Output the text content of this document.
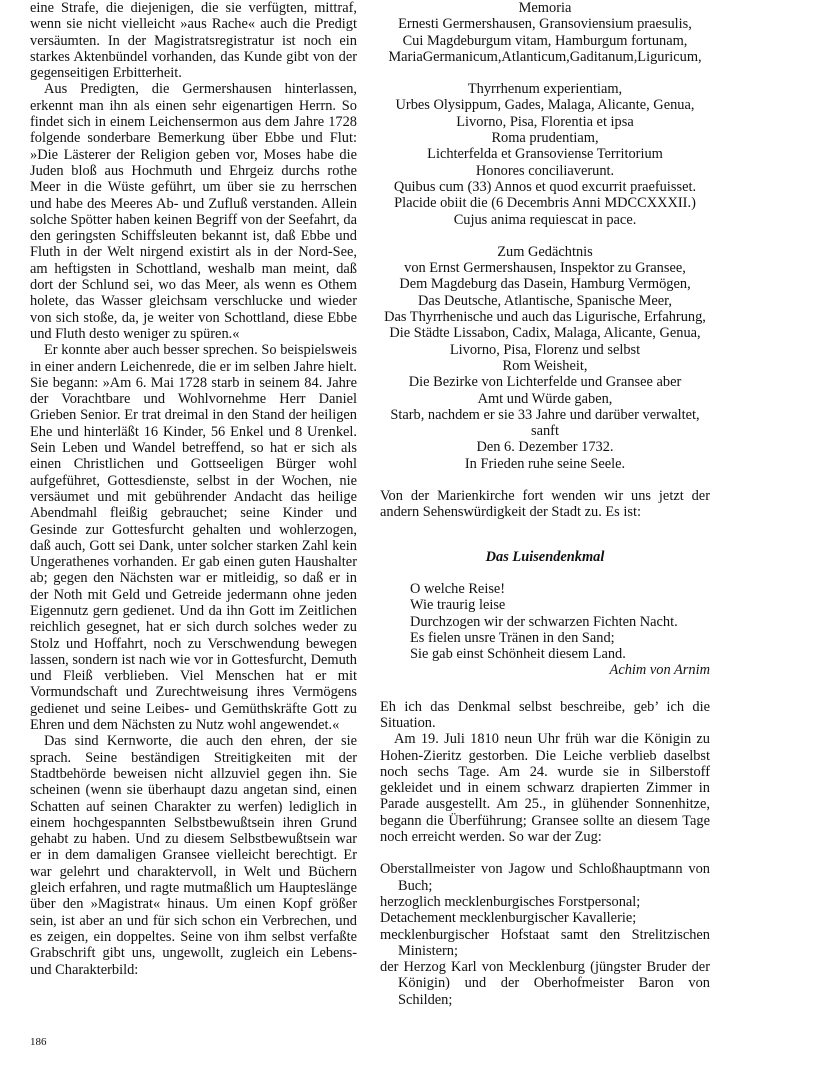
eine Strafe, die diejenigen, die sie verfügten, mittraf, wenn sie nicht vielleicht »aus Rache« auch die Predigt versäumten. In der Magistratsregistratur ist noch ein starkes Aktenbündel vorhanden, das Kunde gibt von der gegenseitigen Erbitterheit.

Aus Predigten, die Germershausen hinterlassen, erkennt man ihn als einen sehr eigenartigen Herrn. So findet sich in einem Leichensermon aus dem Jahre 1728 folgende sonderbare Bemerkung über Ebbe und Flut: »Die Lästerer der Religion geben vor, Moses habe die Juden bloß aus Hochmuth und Ehrgeiz durchs rothe Meer in die Wüste geführt, um über sie zu herrschen und habe des Meeres Ab- und Zufluß verstanden. Allein solche Spötter haben keinen Begriff von der Seefahrt, da den geringsten Schiffsleuten bekannt ist, daß Ebbe und Fluth in der Welt nirgend existirt als in der Nord-See, am heftigsten in Schottland, weshalb man meint, daß dort der Schlund sei, wo das Meer, als wenn es Othem holete, das Wasser gleichsam verschlucke und wieder von sich stoße, da, je weiter von Schottland, diese Ebbe und Fluth desto weniger zu spüren.«

Er konnte aber auch besser sprechen. So beispielsweis in einer andern Leichenrede, die er im selben Jahre hielt. Sie begann: »Am 6. Mai 1728 starb in seinem 84. Jahre der Vorachtbare und Wohlvornehme Herr Daniel Grieben Senior. Er trat dreimal in den Stand der heiligen Ehe und hinterläßt 16 Kinder, 56 Enkel und 8 Urenkel. Sein Leben und Wandel betreffend, so hat er sich als einen Christlichen und Gottseeligen Bürger wohl aufgeführet, Gottesdienste, selbst in der Wochen, nie versäumet und mit gebührender Andacht das heilige Abendmahl fleißig gebrauchet; seine Kinder und Gesinde zur Gottesfurcht gehalten und wohlerzogen, daß auch, Gott sei Dank, unter solcher starken Zahl kein Ungerathenes vorhanden. Er gab einen guten Haushalter ab; gegen den Nächsten war er mitleidig, so daß er in der Noth mit Geld und Getreide jedermann ohne jeden Eigennutz gern gedienet. Und da ihn Gott im Zeitlichen reichlich gesegnet, hat er sich durch solches weder zu Stolz und Hoffahrt, noch zu Verschwendung bewegen lassen, sondern ist nach wie vor in Gottesfurcht, Demuth und Fleiß verblieben. Viel Menschen hat er mit Vormundschaft und Zurechtweisung ihres Vermögens gedienet und seine Leibes- und Gemüthskräfte Gott zu Ehren und dem Nächsten zu Nutz wohl angewendet.«

Das sind Kernworte, die auch den ehren, der sie sprach. Seine beständigen Streitigkeiten mit der Stadtbehörde beweisen nicht allzuviel gegen ihn. Sie scheinen (wenn sie überhaupt dazu angetan sind, einen Schatten auf seinen Charakter zu werfen) lediglich in einem hochgespannten Selbstbewußtsein ihren Grund gehabt zu haben. Und zu diesem Selbstbewußtsein war er in dem damaligen Gransee vielleicht berechtigt. Er war gelehrt und charaktervoll, in Welt und Büchern gleich erfahren, und ragte mutmaßlich um Haupteslänge über den »Magistrat« hinaus. Um einen Kopf größer sein, ist aber an und für sich schon ein Verbrechen, und es zeigen, ein doppeltes. Seine von ihm selbst verfaßte Grabschrift gibt uns, ungewollt, zugleich ein Lebens- und Charakterbild:

Memoria
Ernesti Germershausen, Gransoviensium praesulis,
Cui Magdeburgum vitam, Hamburgum fortunam,
MariaGermanicum,Atlanticum,Gaditanum,Liguricum,
Thyrrhenum experientiam,
Urbes Olysippum, Gades, Malaga, Alicante, Genua,
Livorno, Pisa, Florentia et ipsa
Roma prudentiam,
Lichterfelda et Gransoviense Territorium
Honores conciliaverunt.
Quibus cum (33) Annos et quod excurrit praefuisset.
Placide obiit die (6 Decembris Anni MDCCXXXII.)
Cujus anima requiescat in pace.
Zum Gedächtnis
von Ernst Germershausen, Inspektor zu Gransee,
Dem Magdeburg das Dasein, Hamburg Vermögen,
Das Deutsche, Atlantische, Spanische Meer,
Das Thyrrhenische und auch das Ligurische, Erfahrung,
Die Städte Lissabon, Cadix, Malaga, Alicante, Genua,
Livorno, Pisa, Florenz und selbst
Rom Weisheit,
Die Bezirke von Lichterfelde und Gransee aber
Amt und Würde gaben,
Starb, nachdem er sie 33 Jahre und darüber verwaltet,
sanft
Den 6. Dezember 1732.
In Frieden ruhe seine Seele.

Von der Marienkirche fort wenden wir uns jetzt der andern Sehenswürdigkeit der Stadt zu. Es ist:

Das Luisendenkmal
O welche Reise!
Wie traurig leise
Durchzogen wir der schwarzen Fichten Nacht.
Es fielen unsre Tränen in den Sand;
Sie gab einst Schönheit diesem Land.
Achim von Arnim

Eh ich das Denkmal selbst beschreibe, geb’ ich die Situation.

Am 19. Juli 1810 neun Uhr früh war die Königin zu Hohen-Zieritz gestorben. Die Leiche verblieb daselbst noch sechs Tage. Am 24. wurde sie in Silberstoff gekleidet und in einem schwarz drapierten Zimmer in Parade ausgestellt. Am 25., in glühender Sonnenhitze, begann die Überführung; Gransee sollte an diesem Tage noch erreicht werden. So war der Zug:

Oberstallmeister von Jagow und Schloßhauptmann von Buch;
herzoglich mecklenburgisches Forstpersonal;
Detachement mecklenburgischer Kavallerie;
mecklenburgischer Hofstaat samt den Strelitzischen Ministern;
der Herzog Karl von Mecklenburg (jüngster Bruder der Königin) und der Oberhofmeister Baron von Schilden;
186
